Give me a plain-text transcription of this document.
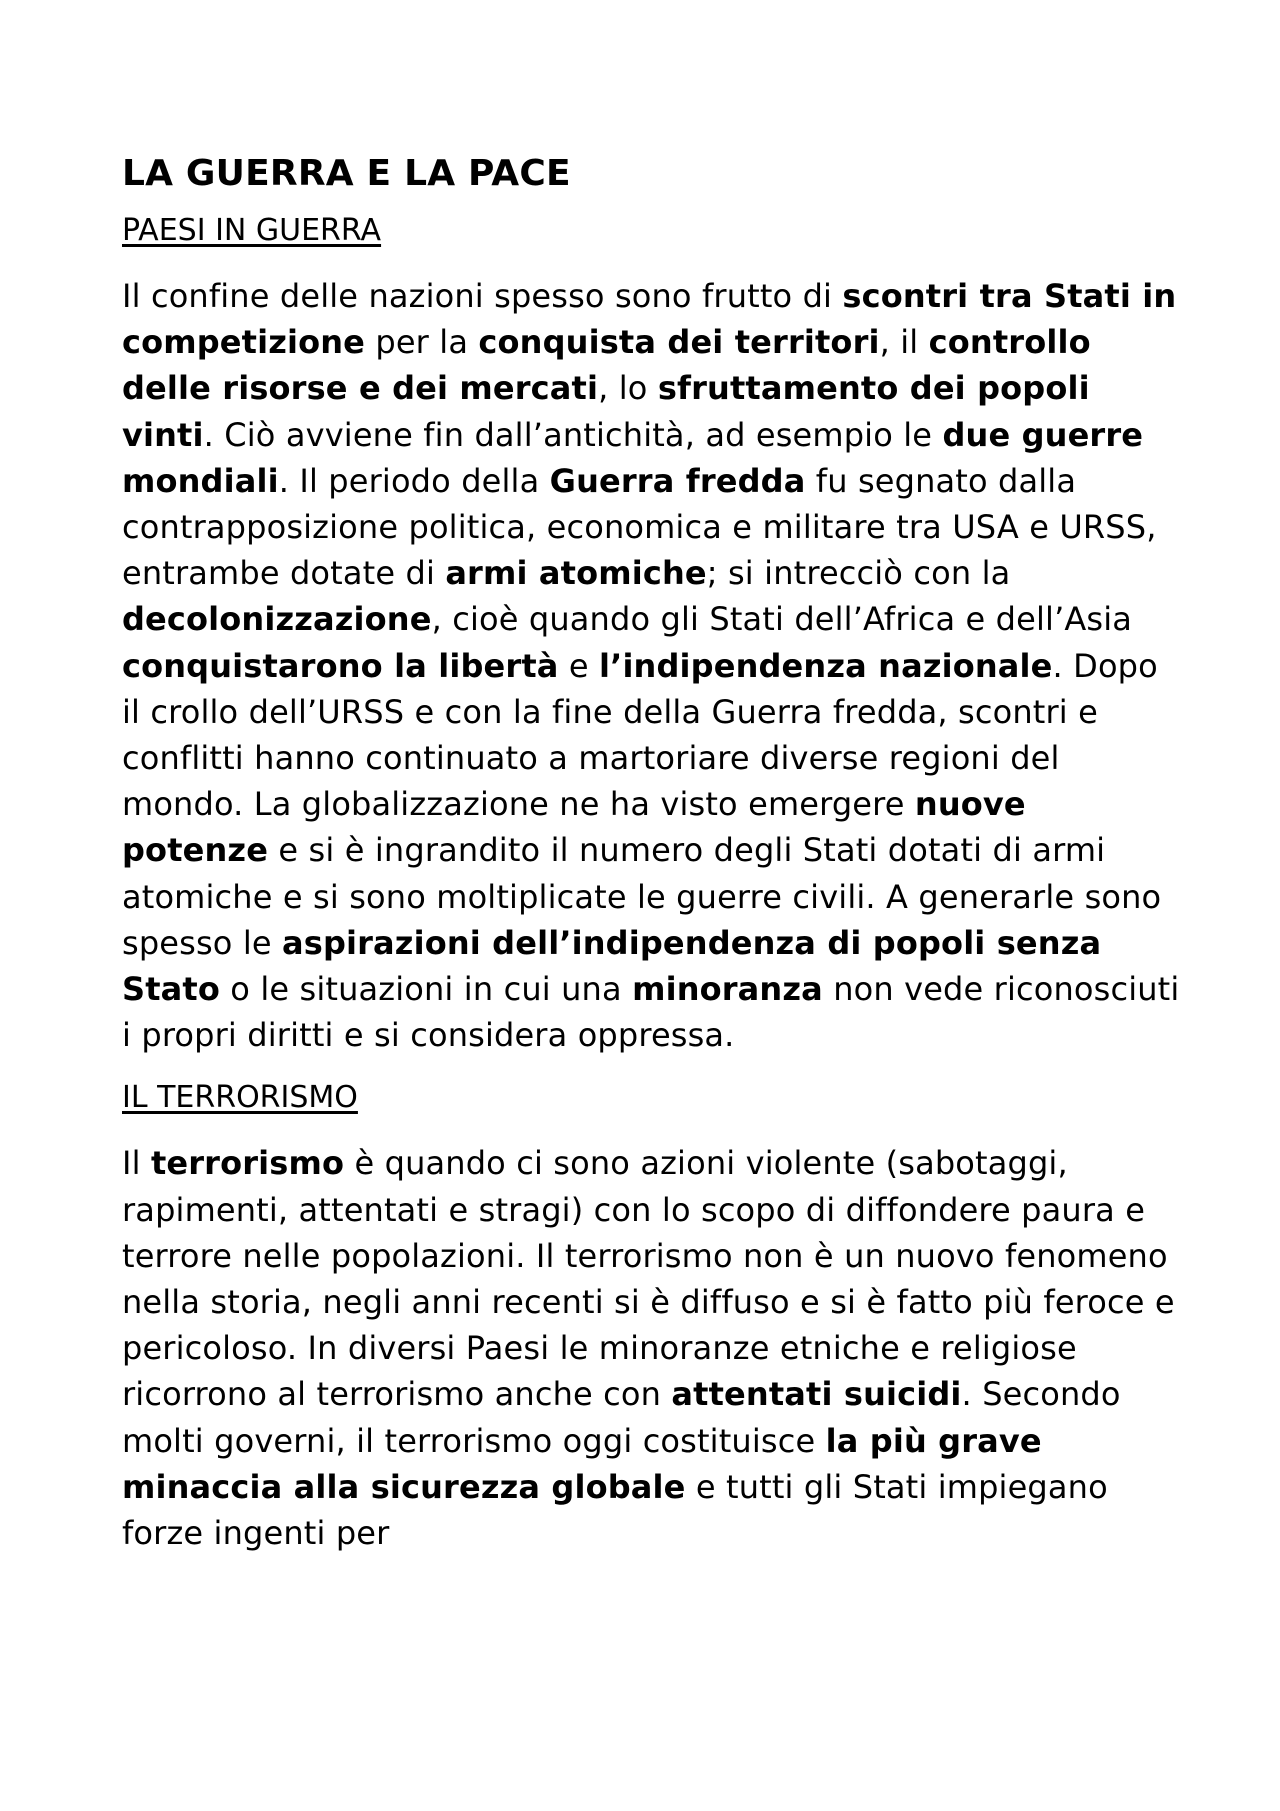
LA GUERRA E LA PACE
PAESI IN GUERRA

Il confine delle nazioni spesso sono frutto di scontri tra Stati in competizione per la conquista dei territori, il controllo delle risorse e dei mercati, lo sfruttamento dei popoli vinti. Ciò avviene fin dall’antichità, ad esempio le due guerre mondiali. Il periodo della Guerra fredda fu segnato dalla contrapposizione politica, economica e militare tra USA e URSS, entrambe dotate di armi atomiche; si intrecciò con la decolonizzazione, cioè quando gli Stati dell’Africa e dell’Asia conquistarono la libertà e l’indipendenza nazionale. Dopo il crollo dell’URSS e con la fine della Guerra fredda, scontri e conflitti hanno continuato a martoriare diverse regioni del mondo. La globalizzazione ne ha visto emergere nuove potenze e si è ingrandito il numero degli Stati dotati di armi atomiche e si sono moltiplicate le guerre civili. A generarle sono spesso le aspirazioni dell’indipendenza di popoli senza Stato o le situazioni in cui una minoranza non vede riconosciuti i propri diritti e si considera oppressa.

IL TERRORISMO

Il terrorismo è quando ci sono azioni violente (sabotaggi, rapimenti, attentati e stragi) con lo scopo di diffondere paura e terrore nelle popolazioni. Il terrorismo non è un nuovo fenomeno nella storia, negli anni recenti si è diffuso e si è fatto più feroce e pericoloso. In diversi Paesi le minoranze etniche e religiose ricorrono al terrorismo anche con attentati suicidi. Secondo molti governi, il terrorismo oggi costituisce la più grave minaccia alla sicurezza globale e tutti gli Stati impiegano forze ingenti per
